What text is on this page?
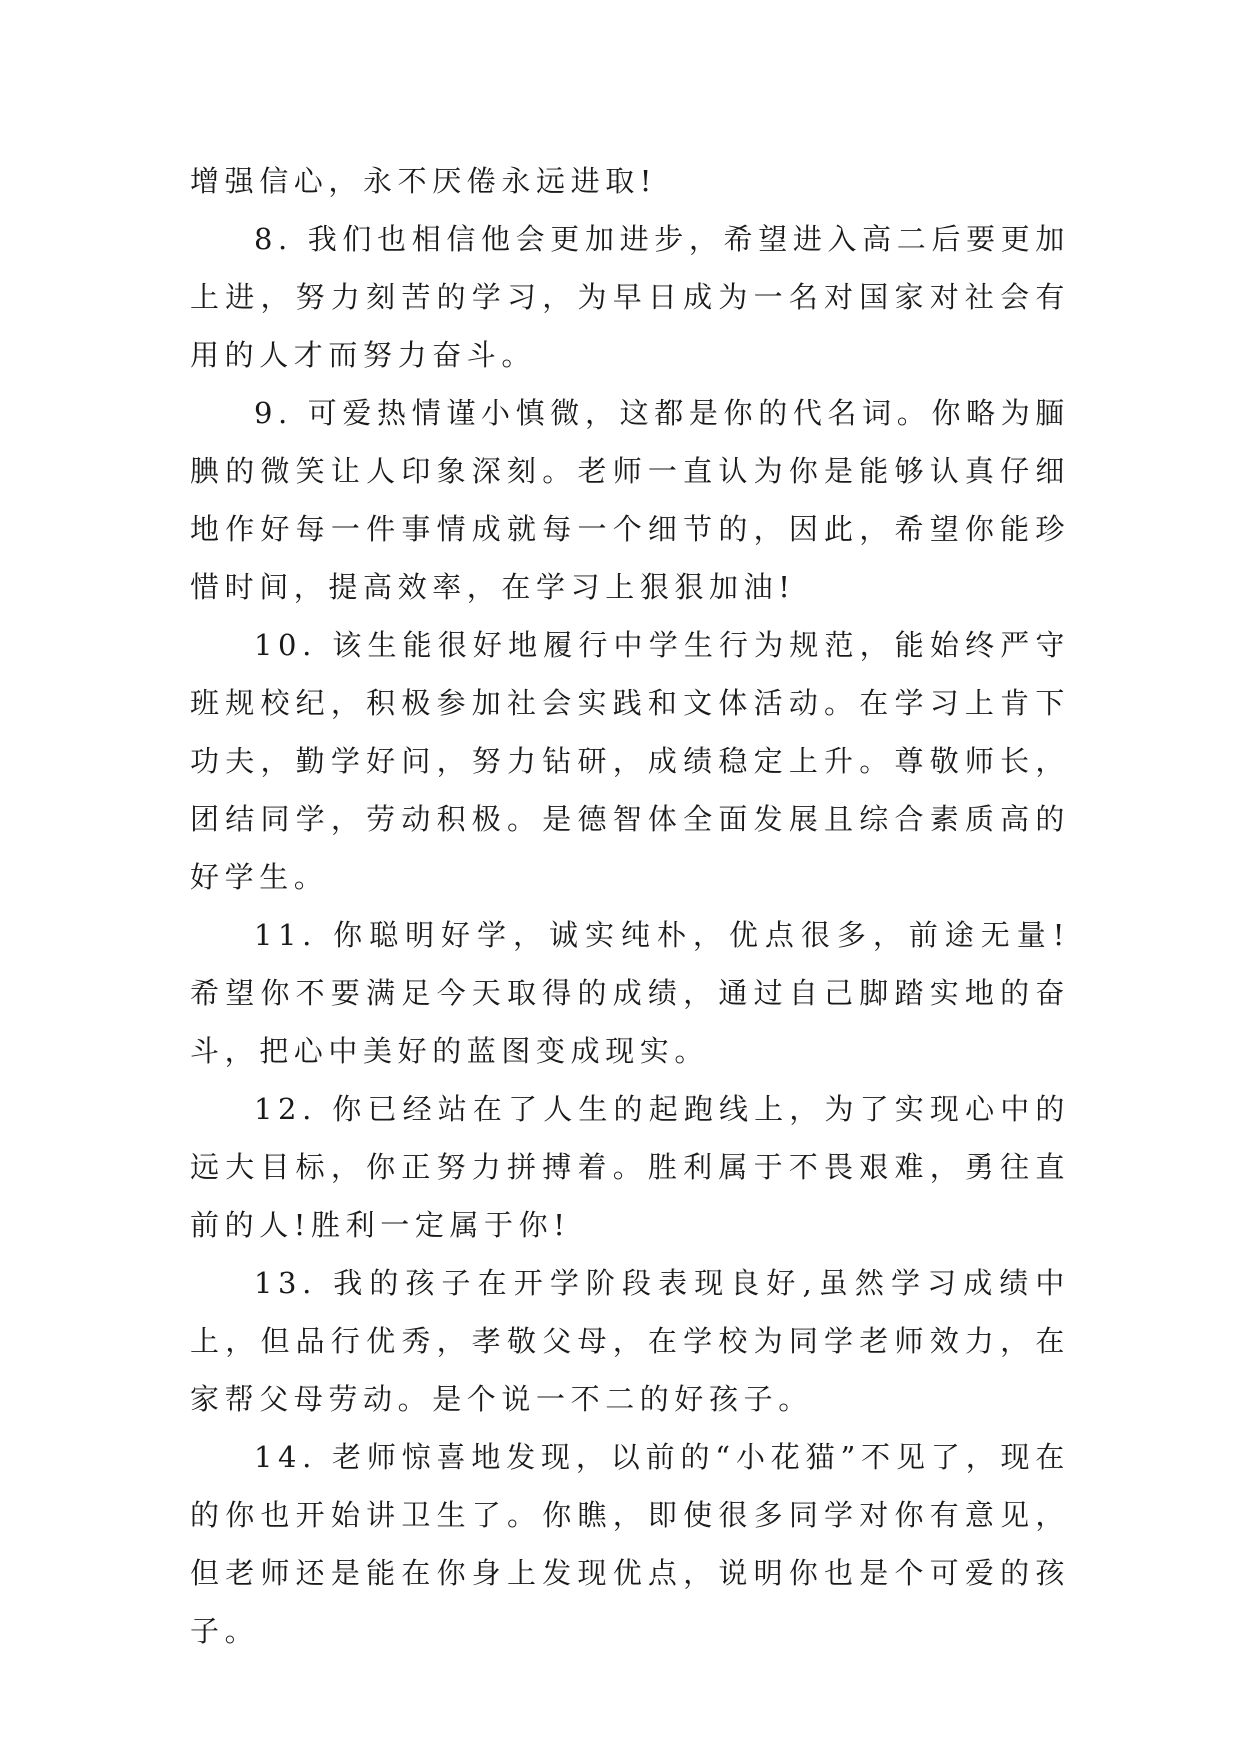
增强信心，永不厌倦永远进取!

8. 我们也相信他会更加进步，希望进入高二后要更加上进，努力刻苦的学习，为早日成为一名对国家对社会有用的人才而努力奋斗。

9. 可爱热情谨小慎微，这都是你的代名词。你略为腼腆的微笑让人印象深刻。老师一直认为你是能够认真仔细地作好每一件事情成就每一个细节的，因此，希望你能珍惜时间，提高效率，在学习上狠狠加油!

10. 该生能很好地履行中学生行为规范，能始终严守班规校纪，积极参加社会实践和文体活动。在学习上肯下功夫，勤学好问，努力钻研，成绩稳定上升。尊敬师长，团结同学，劳动积极。是德智体全面发展且综合素质高的好学生。

11. 你聪明好学，诚实纯朴，优点很多，前途无量!希望你不要满足今天取得的成绩，通过自己脚踏实地的奋斗，把心中美好的蓝图变成现实。

12. 你已经站在了人生的起跑线上，为了实现心中的远大目标，你正努力拼搏着。胜利属于不畏艰难，勇往直前的人!胜利一定属于你!

13. 我的孩子在开学阶段表现良好,虽然学习成绩中上，但品行优秀，孝敬父母，在学校为同学老师效力，在家帮父母劳动。是个说一不二的好孩子。

14. 老师惊喜地发现，以前的“小花猫”不见了，现在的你也开始讲卫生了。你瞧，即使很多同学对你有意见，但老师还是能在你身上发现优点，说明你也是个可爱的孩子。
